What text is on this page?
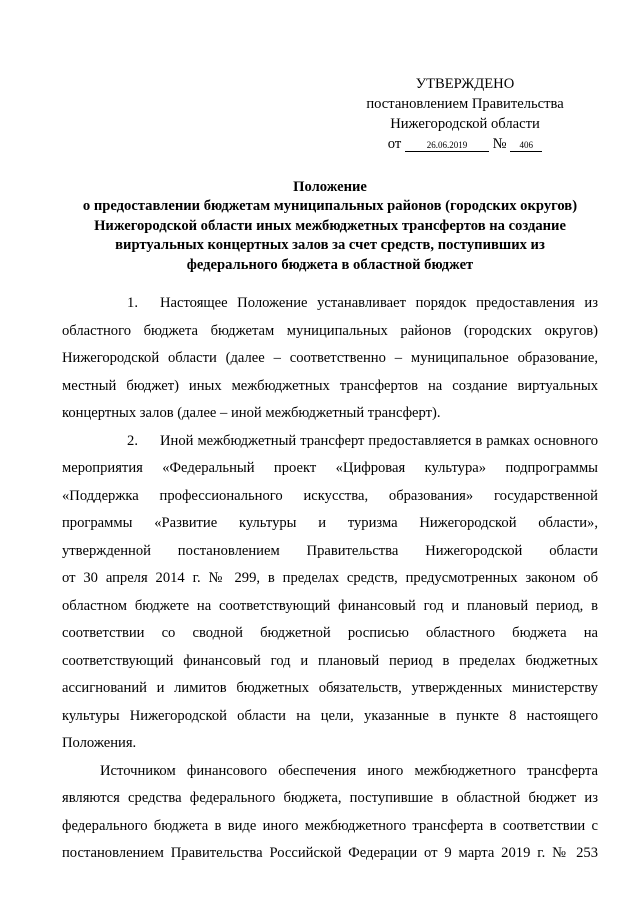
УТВЕРЖДЕНО
постановлением Правительства
Нижегородской области
от	26.06.2019 № 406
Положение
о предоставлении бюджетам муниципальных районов (городских округов)
Нижегородской области иных межбюджетных трансфертов на создание
виртуальных концертных залов за счет средств, поступивших из
федерального бюджета в областной бюджет
1. Настоящее Положение устанавливает порядок предоставления из
областного бюджета бюджетам муниципальных районов (городских округов)
Нижегородской области (далее – соответственно – муниципальное образование,
местный бюджет) иных межбюджетных трансфертов на создание виртуальных
концертных залов (далее – иной межбюджетный трансферт).
2. Иной межбюджетный трансферт предоставляется в рамках основного
мероприятия «Федеральный проект «Цифровая культура» подпрограммы
«Поддержка профессионального искусства, образования» государственной
программы «Развитие культуры и туризма Нижегородской области»,
утвержденной постановлением Правительства Нижегородской области
от 30 апреля 2014 г. № 299, в пределах средств, предусмотренных законом об
областном бюджете на соответствующий финансовый год и плановый период, в
соответствии со сводной бюджетной росписью областного бюджета на
соответствующий финансовый год и плановый период в пределах бюджетных
ассигнований и лимитов бюджетных обязательств, утвержденных министерству
культуры Нижегородской области на цели, указанные в пункте 8 настоящего
Положения.
Источником финансового обеспечения иного межбюджетного трансферта
являются средства федерального бюджета, поступившие в областной бюджет из
федерального бюджета в виде иного межбюджетного трансферта в соответствии с
постановлением Правительства Российской Федерации от 9 марта 2019 г. № 253
